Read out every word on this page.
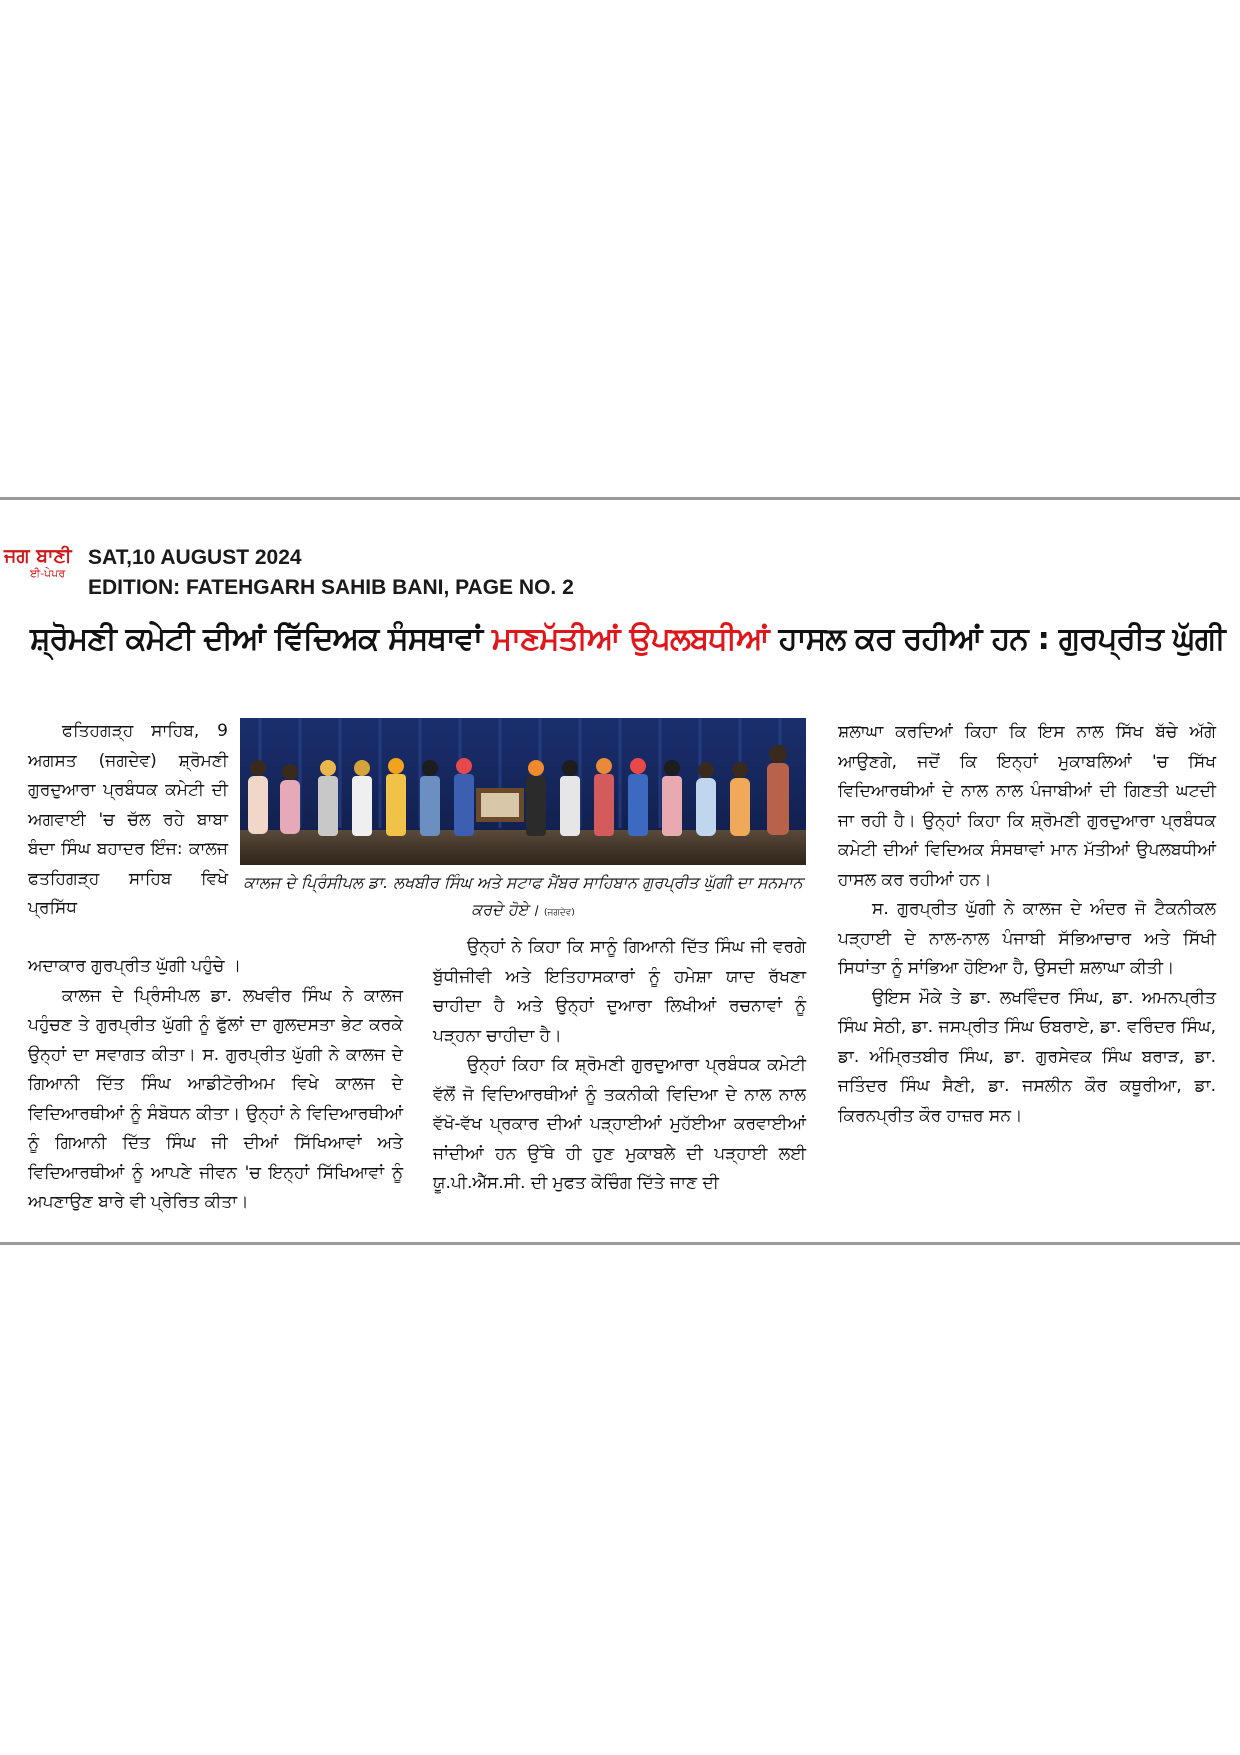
ਜਗ ਬਾਣੀ
ਈ-ਪੇਪਰ
SAT,10 AUGUST 2024
EDITION: FATEHGARH SAHIB BANI, PAGE NO. 2
ਸ਼੍ਰੋਮਣੀ ਕਮੇਟੀ ਦੀਆਂ ਵਿੱਦਿਅਕ ਸੰਸਥਾਵਾਂ ਮਾਣਮੱਤੀਆਂ ਉਪਲਬਧੀਆਂ ਹਾਸਲ ਕਰ ਰਹੀਆਂ ਹਨ : ਗੁਰਪ੍ਰੀਤ ਘੁੱਗੀ
ਕਾਲਜ ਦੇ ਪ੍ਰਿੰਸੀਪਲ ਡਾ. ਲਖਬੀਰ ਸਿੰਘ ਅਤੇ ਸਟਾਫ ਮੈਂਬਰ ਸਾਹਿਬਾਨ ਗੁਰਪ੍ਰੀਤ ਘੁੱਗੀ ਦਾ ਸਨਮਾਨ ਕਰਦੇ ਹੋਏ। (ਜਗਦੇਵ)

ਫਤਿਹਗੜ੍ਹ ਸਾਹਿਬ, 9 ਅਗਸਤ (ਜਗਦੇਵ) ਸ਼੍ਰੋਮਣੀ ਗੁਰਦੁਆਰਾ ਪ੍ਰਬੰਧਕ ਕਮੇਟੀ ਦੀ ਅਗਵਾਈ 'ਚ ਚੱਲ ਰਹੇ ਬਾਬਾ ਬੰਦਾ ਸਿੰਘ ਬਹਾਦਰ ਇੰਜ: ਕਾਲਜ ਫਤਹਿਗੜ੍ਹ ਸਾਹਿਬ ਵਿਖੇ ਪ੍ਰਸਿੱਧ

ਅਦਾਕਾਰ ਗੁਰਪ੍ਰੀਤ ਘੁੱਗੀ ਪਹੁੰਚੇ ।

ਕਾਲਜ ਦੇ ਪ੍ਰਿੰਸੀਪਲ ਡਾ. ਲਖਵੀਰ ਸਿੰਘ ਨੇ ਕਾਲਜ ਪਹੁੰਚਣ ਤੇ ਗੁਰਪ੍ਰੀਤ ਘੁੱਗੀ ਨੂੰ ਫੁੱਲਾਂ ਦਾ ਗੁਲਦਸਤਾ ਭੇਟ ਕਰਕੇ ਉਨ੍ਹਾਂ ਦਾ ਸਵਾਗਤ ਕੀਤਾ। ਸ. ਗੁਰਪ੍ਰੀਤ ਘੁੱਗੀ ਨੇ ਕਾਲਜ ਦੇ ਗਿਆਨੀ ਦਿੱਤ ਸਿੰਘ ਆਡੀਟੋਰੀਅਮ ਵਿਖੇ ਕਾਲਜ ਦੇ ਵਿਦਿਆਰਥੀਆਂ ਨੂੰ ਸੰਬੋਧਨ ਕੀਤਾ। ਉਨ੍ਹਾਂ ਨੇ ਵਿਦਿਆਰਥੀਆਂ ਨੂੰ ਗਿਆਨੀ ਦਿੱਤ ਸਿੰਘ ਜੀ ਦੀਆਂ ਸਿੱਖਿਆਵਾਂ ਅਤੇ ਵਿਦਿਆਰਥੀਆਂ ਨੂੰ ਆਪਣੇ ਜੀਵਨ 'ਚ ਇਨ੍ਹਾਂ ਸਿੱਖਿਆਵਾਂ ਨੂੰ ਅਪਣਾਉਣ ਬਾਰੇ ਵੀ ਪ੍ਰੇਰਿਤ ਕੀਤਾ।

ਉਨ੍ਹਾਂ ਨੇ ਕਿਹਾ ਕਿ ਸਾਨੂੰ ਗਿਆਨੀ ਦਿੱਤ ਸਿੰਘ ਜੀ ਵਰਗੇ ਬੁੱਧੀਜੀਵੀ ਅਤੇ ਇਤਿਹਾਸਕਾਰਾਂ ਨੂੰ ਹਮੇਸ਼ਾ ਯਾਦ ਰੱਖਣਾ ਚਾਹੀਦਾ ਹੈ ਅਤੇ ਉਨ੍ਹਾਂ ਦੁਆਰਾ ਲਿਖੀਆਂ ਰਚਨਾਵਾਂ ਨੂੰ ਪੜ੍ਹਨਾ ਚਾਹੀਦਾ ਹੈ।

ਉਨ੍ਹਾਂ ਕਿਹਾ ਕਿ ਸ਼੍ਰੋਮਣੀ ਗੁਰਦੁਆਰਾ ਪ੍ਰਬੰਧਕ ਕਮੇਟੀ ਵੱਲੋਂ ਜੋ ਵਿਦਿਆਰਥੀਆਂ ਨੂੰ ਤਕਨੀਕੀ ਵਿਦਿਆ ਦੇ ਨਾਲ ਨਾਲ ਵੱਖੋ-ਵੱਖ ਪ੍ਰਕਾਰ ਦੀਆਂ ਪੜ੍ਹਾਈਆਂ ਮੁਹੱਈਆ ਕਰਵਾਈਆਂ ਜਾਂਦੀਆਂ ਹਨ ਉੱਥੇ ਹੀ ਹੁਣ ਮੁਕਾਬਲੇ ਦੀ ਪੜ੍ਹਾਈ ਲਈ ਯੂ.ਪੀ.ਐੱਸ.ਸੀ. ਦੀ ਮੁਫਤ ਕੋਚਿੰਗ ਦਿੱਤੇ ਜਾਣ ਦੀ

ਸ਼ਲਾਘਾ ਕਰਦਿਆਂ ਕਿਹਾ ਕਿ ਇਸ ਨਾਲ ਸਿੱਖ ਬੱਚੇ ਅੱਗੇ ਆਉਣਗੇ, ਜਦੋਂ ਕਿ ਇਨ੍ਹਾਂ ਮੁਕਾਬਲਿਆਂ 'ਚ ਸਿੱਖ ਵਿਦਿਆਰਥੀਆਂ ਦੇ ਨਾਲ ਨਾਲ ਪੰਜਾਬੀਆਂ ਦੀ ਗਿਣਤੀ ਘਟਦੀ ਜਾ ਰਹੀ ਹੈ। ਉਨ੍ਹਾਂ ਕਿਹਾ ਕਿ ਸ਼੍ਰੋਮਣੀ ਗੁਰਦੁਆਰਾ ਪ੍ਰਬੰਧਕ ਕਮੇਟੀ ਦੀਆਂ ਵਿਦਿਅਕ ਸੰਸਥਾਵਾਂ ਮਾਨ ਮੱਤੀਆਂ ਉਪਲਬਧੀਆਂ ਹਾਸਲ ਕਰ ਰਹੀਆਂ ਹਨ।

ਸ. ਗੁਰਪ੍ਰੀਤ ਘੁੱਗੀ ਨੇ ਕਾਲਜ ਦੇ ਅੰਦਰ ਜੋ ਟੈਕਨੀਕਲ ਪੜ੍ਹਾਈ ਦੇ ਨਾਲ-ਨਾਲ ਪੰਜਾਬੀ ਸੱਭਿਆਚਾਰ ਅਤੇ ਸਿੱਖੀ ਸਿਧਾਂਤਾ ਨੂੰ ਸਾਂਭਿਆ ਹੋਇਆ ਹੈ, ਉਸਦੀ ਸ਼ਲਾਘਾ ਕੀਤੀ।

ਉਇਸ ਮੌਕੇ ਤੇ ਡਾ. ਲਖਵਿੰਦਰ ਸਿੰਘ, ਡਾ. ਅਮਨਪ੍ਰੀਤ ਸਿੰਘ ਸੇਠੀ, ਡਾ. ਜਸਪ੍ਰੀਤ ਸਿੰਘ ਓਬਰਾਏ, ਡਾ. ਵਰਿੰਦਰ ਸਿੰਘ, ਡਾ. ਅੰਮ੍ਰਿਤਬੀਰ ਸਿੰਘ, ਡਾ. ਗੁਰਸੇਵਕ ਸਿੰਘ ਬਰਾੜ, ਡਾ. ਜਤਿੰਦਰ ਸਿੰਘ ਸੈਣੀ, ਡਾ. ਜਸਲੀਨ ਕੌਰ ਕਥੂਰੀਆ, ਡਾ. ਕਿਰਨਪ੍ਰੀਤ ਕੌਰ ਹਾਜ਼ਰ ਸਨ।
